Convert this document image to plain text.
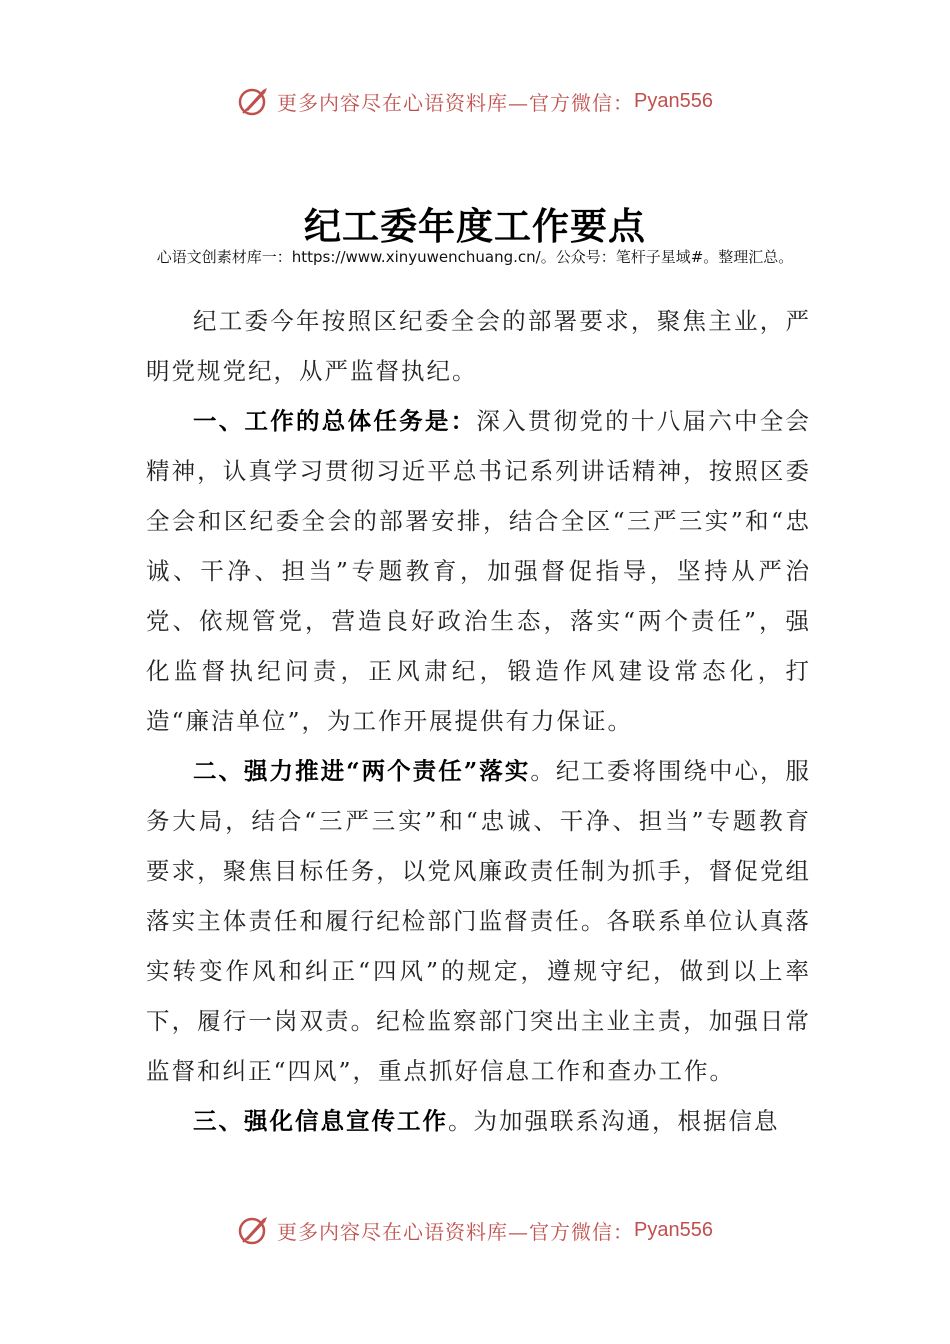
更多内容尽在心语资料库—官方微信： Pyan556
纪工委年度工作要点
心语文创素材库一：https://www.xinyuwenchuang.cn/。公众号：笔杆子星域#。整理汇总。

纪工委今年按照区纪委全会的部署要求，聚焦主业，严明党规党纪，从严监督执纪。

一、工作的总体任务是：深入贯彻党的十八届六中全会精神，认真学习贯彻习近平总书记系列讲话精神，按照区委全会和区纪委全会的部署安排，结合全区“三严三实”和“忠诚、干净、担当”专题教育，加强督促指导，坚持从严治党、依规管党，营造良好政治生态，落实“两个责任”，强化监督执纪问责，正风肃纪，锻造作风建设常态化，打造“廉洁单位”，为工作开展提供有力保证。

二、强力推进“两个责任”落实。纪工委将围绕中心，服务大局，结合“三严三实”和“忠诚、干净、担当”专题教育要求，聚焦目标任务，以党风廉政责任制为抓手，督促党组落实主体责任和履行纪检部门监督责任。各联系单位认真落实转变作风和纠正“四风”的规定，遵规守纪，做到以上率下，履行一岗双责。纪检监察部门突出主业主责，加强日常监督和纠正“四风”，重点抓好信息工作和查办工作。

三、强化信息宣传工作。为加强联系沟通，根据信息

更多内容尽在心语资料库—官方微信： Pyan556
